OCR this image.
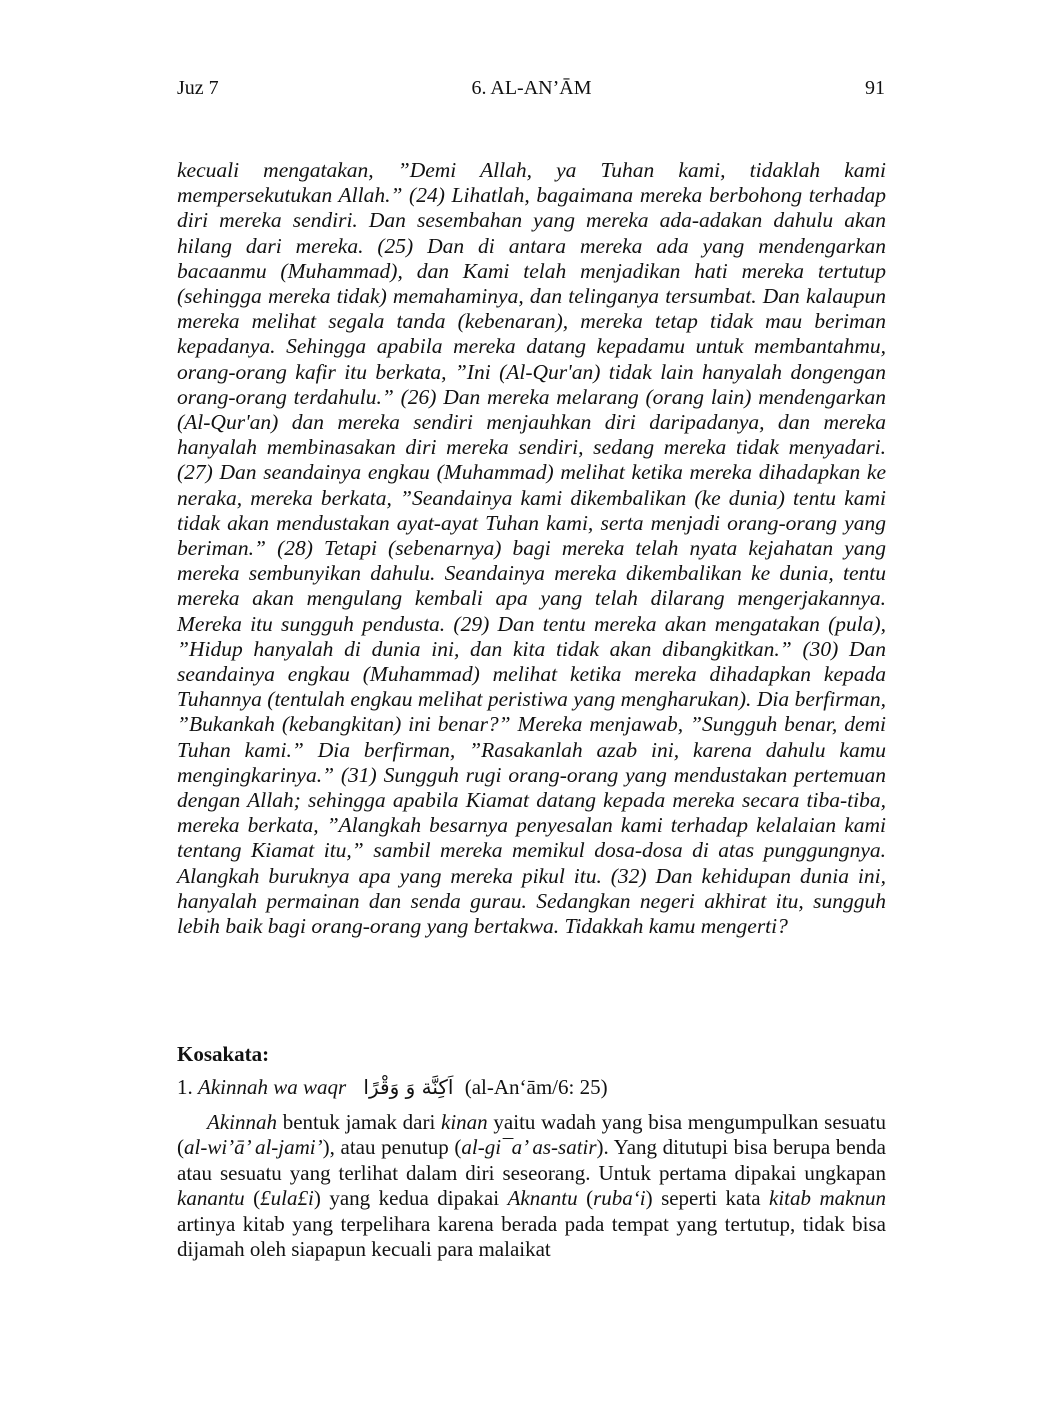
Juz 7	6. AL-AN’ĀM	91

kecuali mengatakan, ”Demi Allah, ya Tuhan kami, tidaklah kami mempersekutukan Allah.” (24) Lihatlah, bagaimana mereka berbohong terhadap diri mereka sendiri. Dan sesembahan yang mereka ada-adakan dahulu akan hilang dari mereka. (25) Dan di antara mereka ada yang mendengarkan bacaanmu (Muhammad), dan Kami telah menjadikan hati mereka tertutup (sehingga mereka tidak) memahaminya, dan telinganya tersumbat. Dan kalaupun mereka melihat segala tanda (kebenaran), mereka tetap tidak mau beriman kepadanya. Sehingga apabila mereka datang kepadamu untuk membantahmu, orang-orang kafir itu berkata, ”Ini (Al-Qur'an) tidak lain hanyalah dongengan orang-orang terdahulu.” (26) Dan mereka melarang (orang lain) mendengarkan (Al-Qur'an) dan mereka sendiri menjauhkan diri daripadanya, dan mereka hanyalah membinasakan diri mereka sendiri, sedang mereka tidak menyadari. (27) Dan seandainya engkau (Muhammad) melihat ketika mereka dihadapkan ke neraka, mereka berkata, ”Seandainya kami dikembalikan (ke dunia) tentu kami tidak akan mendustakan ayat-ayat Tuhan kami, serta menjadi orang-orang yang beriman.” (28) Tetapi (sebenarnya) bagi mereka telah nyata kejahatan yang mereka sembunyikan dahulu. Seandainya mereka dikembalikan ke dunia, tentu mereka akan mengulang kembali apa yang telah dilarang mengerjakannya. Mereka itu sungguh pendusta. (29) Dan tentu mereka akan mengatakan (pula), ”Hidup hanyalah di dunia ini, dan kita tidak akan dibangkitkan.” (30) Dan seandainya engkau (Muhammad) melihat ketika mereka dihadapkan kepada Tuhannya (tentulah engkau melihat peristiwa yang mengharukan). Dia berfirman, ”Bukankah (kebangkitan) ini benar?” Mereka menjawab, ”Sungguh benar, demi Tuhan kami.” Dia berfirman, ”Rasakanlah azab ini, karena dahulu kamu mengingkarinya.” (31) Sungguh rugi orang-orang yang mendustakan pertemuan dengan Allah; sehingga apabila Kiamat datang kepada mereka secara tiba-tiba, mereka berkata, ”Alangkah besarnya penyesalan kami terhadap kelalaian kami tentang Kiamat itu,” sambil mereka memikul dosa-dosa di atas punggungnya. Alangkah buruknya apa yang mereka pikul itu. (32) Dan kehidupan dunia ini, hanyalah permainan dan senda gurau. Sedangkan negeri akhirat itu, sungguh lebih baik bagi orang-orang yang bertakwa. Tidakkah kamu mengerti?

Kosakata:
1. Akinnah wa waqr اَكِنَّة وَ وَقْرًا (al-An‘ām/6: 25)

Akinnah bentuk jamak dari kinan yaitu wadah yang bisa mengumpulkan sesuatu (al-wi’ā’ al-jami’), atau penutup (al-gi¯a’ as-satir). Yang ditutupi bisa berupa benda atau sesuatu yang terlihat dalam diri seseorang. Untuk pertama dipakai ungkapan kanantu (£ula£i) yang kedua dipakai Aknantu (ruba‘i) seperti kata kitab maknun artinya kitab yang terpelihara karena berada pada tempat yang tertutup, tidak bisa dijamah oleh siapapun kecuali para malaikat
